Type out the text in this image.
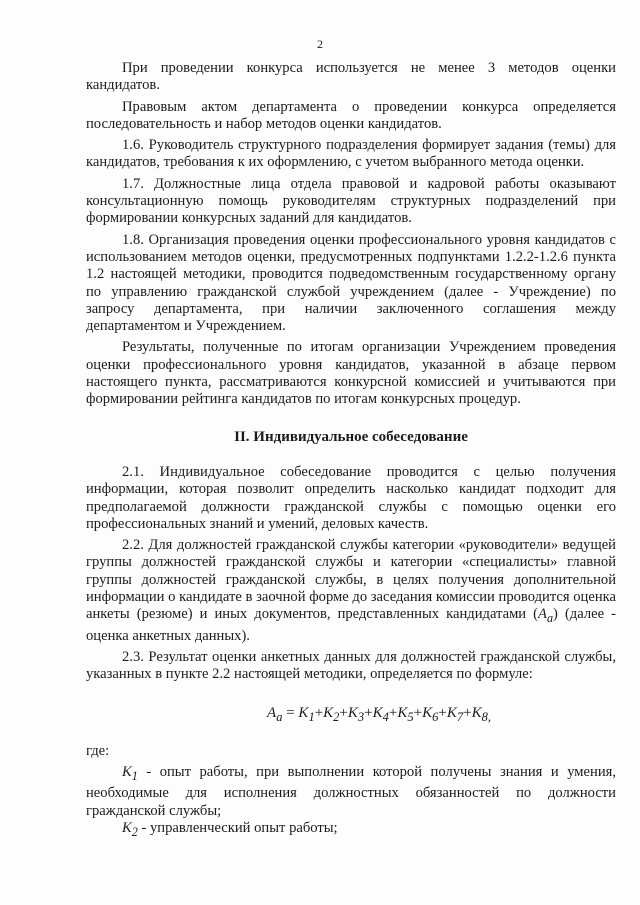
2

При проведении конкурса используется не менее 3 методов оценки кандидатов.

Правовым актом департамента о проведении конкурса определяется последовательность и набор методов оценки кандидатов.

1.6. Руководитель структурного подразделения формирует задания (темы) для кандидатов, требования к их оформлению, с учетом выбранного метода оценки.

1.7. Должностные лица отдела правовой и кадровой работы оказывают консультационную помощь руководителям структурных подразделений при формировании конкурсных заданий для кандидатов.

1.8. Организация проведения оценки профессионального уровня кандидатов с использованием методов оценки, предусмотренных подпунктами 1.2.2-1.2.6 пункта 1.2 настоящей методики, проводится подведомственным государственному органу по управлению гражданской службой учреждением (далее - Учреждение) по запросу департамента, при наличии заключенного соглашения между департаментом и Учреждением.

Результаты, полученные по итогам организации Учреждением проведения оценки профессионального уровня кандидатов, указанной в абзаце первом настоящего пункта, рассматриваются конкурсной комиссией и учитываются при формировании рейтинга кандидатов по итогам конкурсных процедур.

II. Индивидуальное собеседование

2.1. Индивидуальное собеседование проводится с целью получения информации, которая позволит определить насколько кандидат подходит для предполагаемой должности гражданской службы с помощью оценки его профессиональных знаний и умений, деловых качеств.

2.2. Для должностей гражданской службы категории «руководители» ведущей группы должностей гражданской службы и категории «специалисты» главной группы должностей гражданской службы, в целях получения дополнительной информации о кандидате в заочной форме до заседания комиссии проводится оценка анкеты (резюме) и иных документов, представленных кандидатами $(A_a)$ (далее - оценка анкетных данных).

2.3. Результат оценки анкетных данных для должностей гражданской службы, указанных в пункте 2.2 настоящей методики, определяется по формуле:

$A_a = K_1+K_2+K_3+K_4+K_5+K_6+K_7+K_{8,}$

где:

$K_1$ - опыт работы, при выполнении которой получены знания и умения, необходимые для исполнения должностных обязанностей по должности гражданской службы;

$K_2$ - управленческий опыт работы;
